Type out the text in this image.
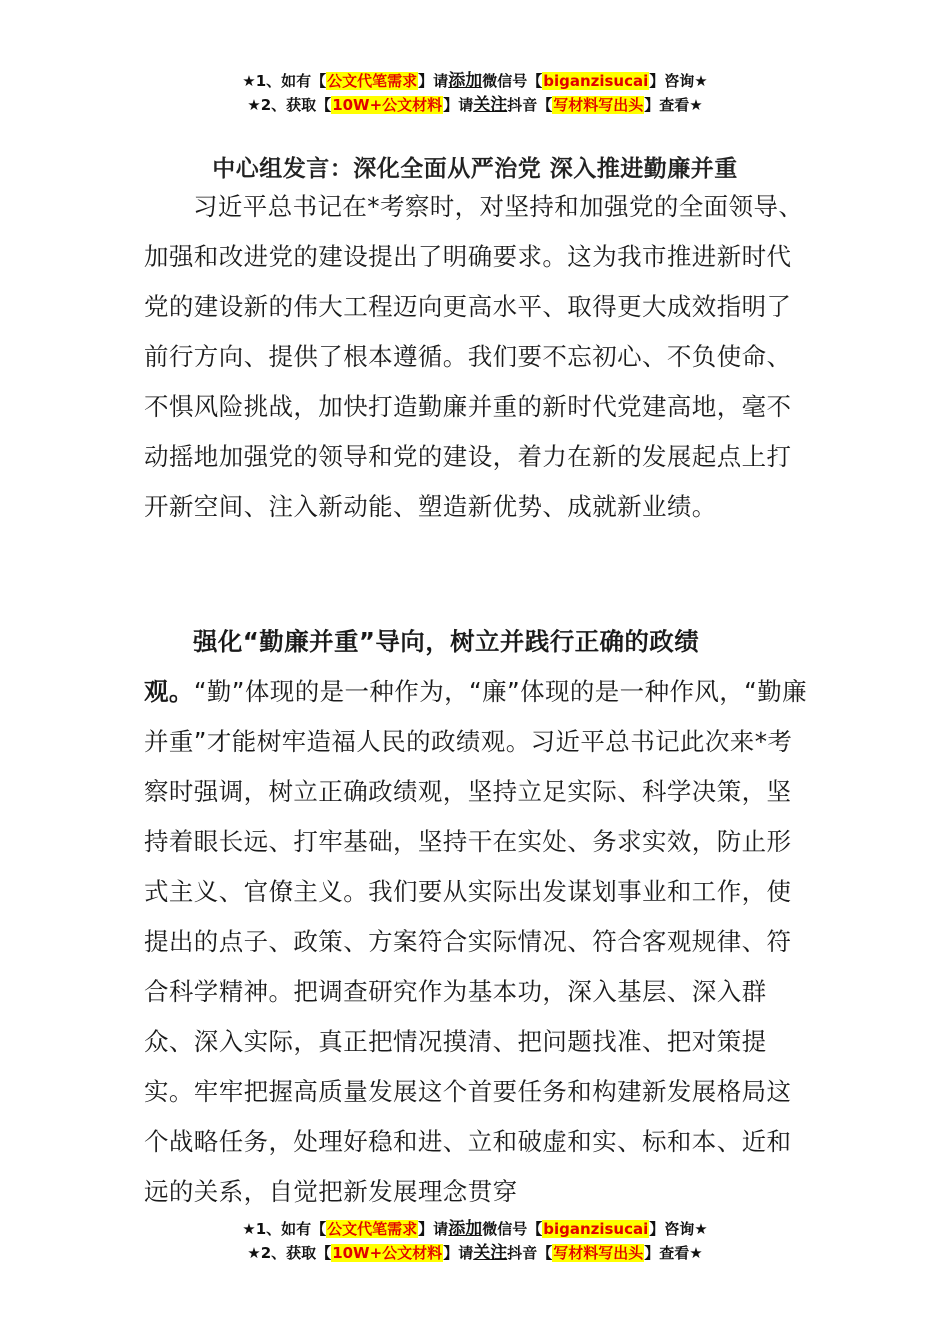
★1、如有【公文代笔需求】请添加微信号【biganzisucai】咨询★
★2、获取【10W+公文材料】请关注抖音【写材料写出头】查看★
中心组发言：深化全面从严治党 深入推进勤廉并重

习近平总书记在*考察时，对坚持和加强党的全面领导、加强和改进党的建设提出了明确要求。这为我市推进新时代党的建设新的伟大工程迈向更高水平、取得更大成效指明了前行方向、提供了根本遵循。我们要不忘初心、不负使命、不惧风险挑战，加快打造勤廉并重的新时代党建高地，毫不动摇地加强党的领导和党的建设，着力在新的发展起点上打开新空间、注入新动能、塑造新优势、成就新业绩。

强化“勤廉并重”导向，树立并践行正确的政绩观。“勤”体现的是一种作为，“廉”体现的是一种作风，“勤廉并重”才能树牢造福人民的政绩观。习近平总书记此次来*考察时强调，树立正确政绩观，坚持立足实际、科学决策，坚持着眼长远、打牢基础，坚持干在实处、务求实效，防止形式主义、官僚主义。我们要从实际出发谋划事业和工作，使提出的点子、政策、方案符合实际情况、符合客观规律、符合科学精神。把调查研究作为基本功，深入基层、深入群众、深入实际，真正把情况摸清、把问题找准、把对策提实。牢牢把握高质量发展这个首要任务和构建新发展格局这个战略任务，处理好稳和进、立和破虚和实、标和本、近和远的关系，自觉把新发展理念贯穿

★1、如有【公文代笔需求】请添加微信号【biganzisucai】咨询★
★2、获取【10W+公文材料】请关注抖音【写材料写出头】查看★
